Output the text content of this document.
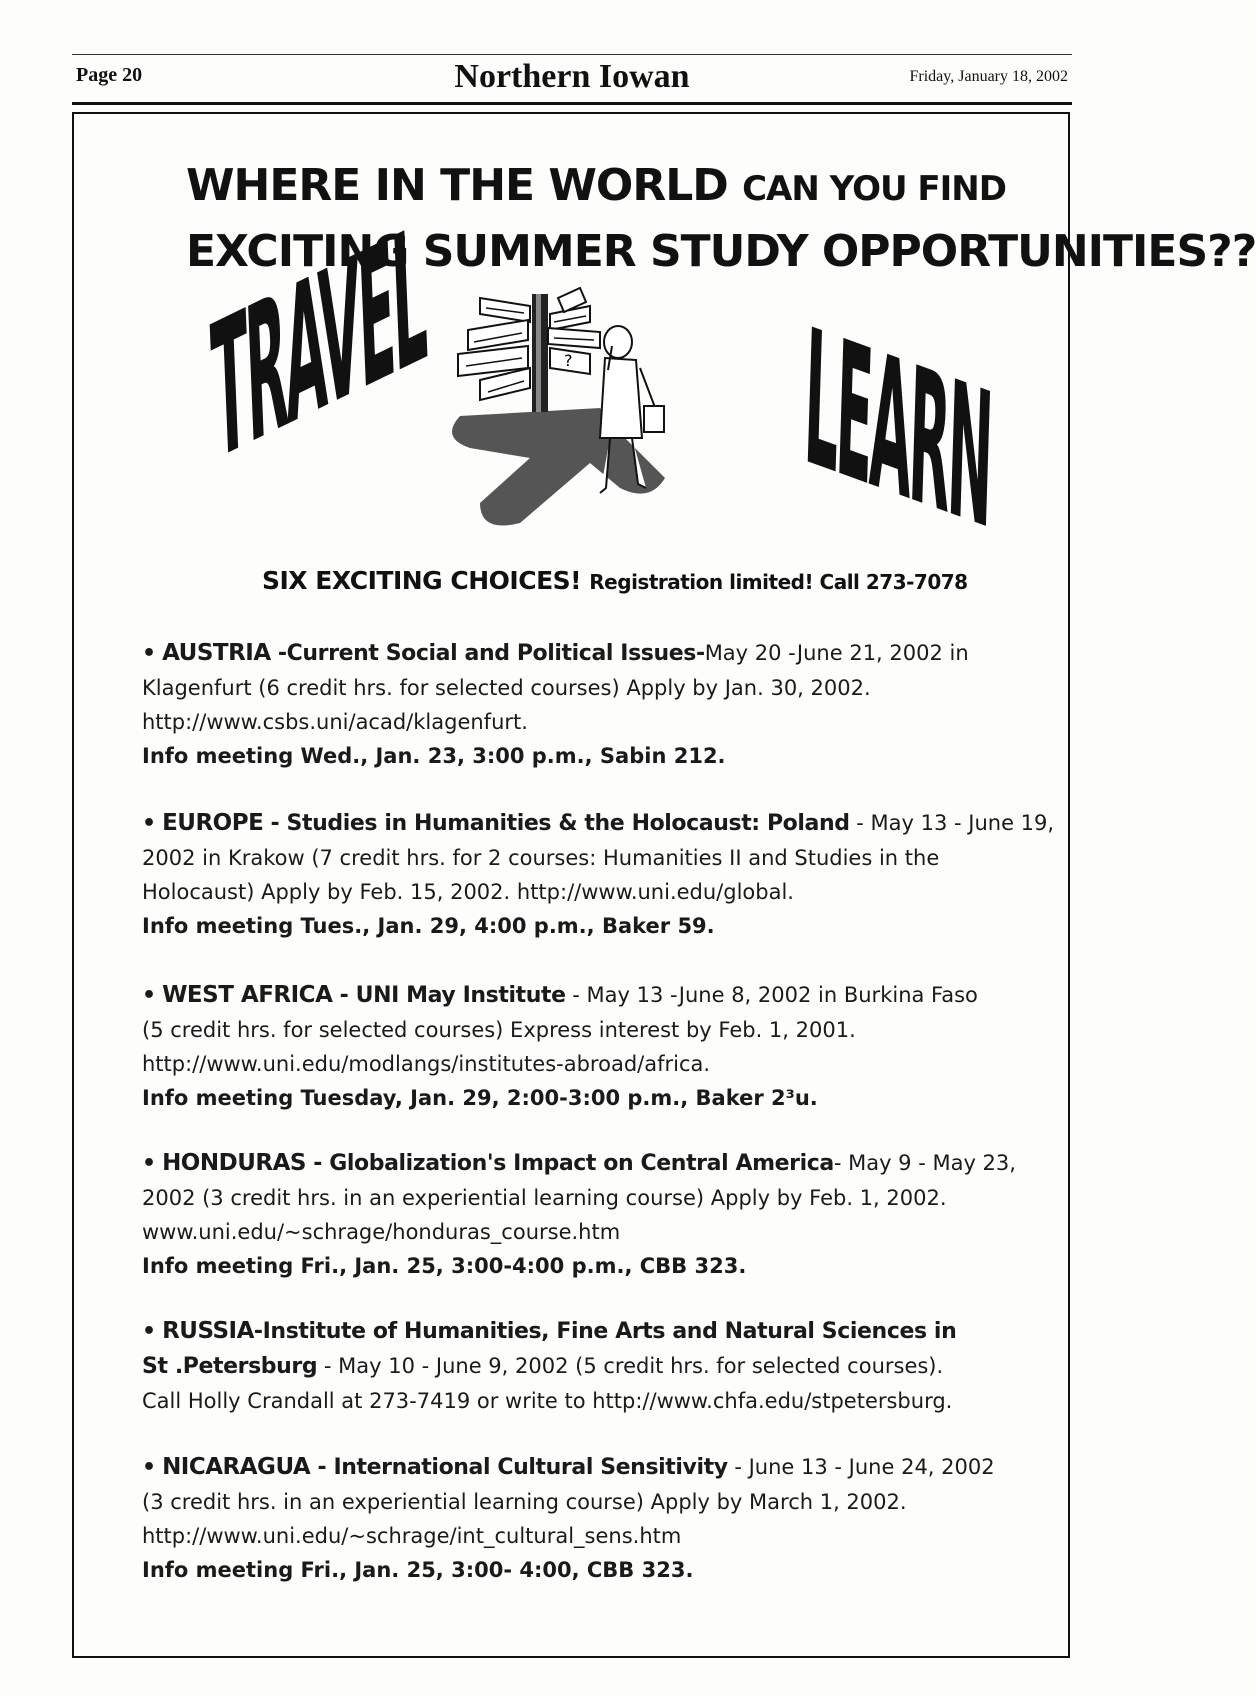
Page 20	Northern Iowan	Friday, January 18, 2002
WHERE IN THE WORLD CAN YOU FIND
EXCITING SUMMER STUDY OPPORTUNITIES??
TRAVEL	LEARN
?
SIX EXCITING CHOICES! Registration limited! Call 273-7078
• AUSTRIA -Current Social and Political Issues-May 20 -June 21, 2002 in
Klagenfurt (6 credit hrs. for selected courses) Apply by Jan. 30, 2002.
http://www.csbs.uni/acad/klagenfurt.
Info meeting Wed., Jan. 23, 3:00 p.m., Sabin 212.
• EUROPE - Studies in Humanities & the Holocaust: Poland - May 13 - June 19,
2002 in Krakow (7 credit hrs. for 2 courses: Humanities II and Studies in the
Holocaust) Apply by Feb. 15, 2002. http://www.uni.edu/global.
Info meeting Tues., Jan. 29, 4:00 p.m., Baker 59.
• WEST AFRICA - UNI May Institute - May 13 -June 8, 2002 in Burkina Faso
(5 credit hrs. for selected courses) Express interest by Feb. 1, 2001.
http://www.uni.edu/modlangs/institutes-abroad/africa.
Info meeting Tuesday, Jan. 29, 2:00-3:00 p.m., Baker 2³u.
• HONDURAS - Globalization's Impact on Central America- May 9 - May 23,
2002 (3 credit hrs. in an experiential learning course) Apply by Feb. 1, 2002.
www.uni.edu/~schrage/honduras_course.htm
Info meeting Fri., Jan. 25, 3:00-4:00 p.m., CBB 323.
• RUSSIA-Institute of Humanities, Fine Arts and Natural Sciences in
St .Petersburg - May 10 - June 9, 2002 (5 credit hrs. for selected courses).
Call Holly Crandall at 273-7419 or write to http://www.chfa.edu/stpetersburg.
• NICARAGUA - International Cultural Sensitivity - June 13 - June 24, 2002
(3 credit hrs. in an experiential learning course) Apply by March 1, 2002.
http://www.uni.edu/~schrage/int_cultural_sens.htm
Info meeting Fri., Jan. 25, 3:00- 4:00, CBB 323.
